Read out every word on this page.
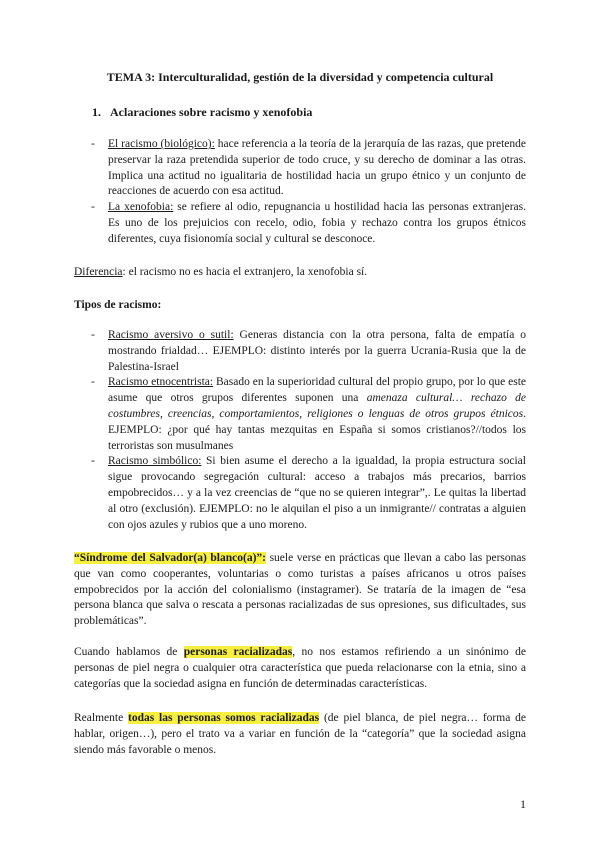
TEMA 3: Interculturalidad, gestión de la diversidad y competencia cultural
1. Aclaraciones sobre racismo y xenofobia
- El racismo (biológico): hace referencia a la teoría de la jerarquía de las razas, que pretende preservar la raza pretendida superior de todo cruce, y su derecho de dominar a las otras. Implica una actitud no igualitaria de hostilidad hacia un grupo étnico y un conjunto de reacciones de acuerdo con esa actitud.
- La xenofobia: se refiere al odio, repugnancia u hostilidad hacia las personas extranjeras. Es uno de los prejuicios con recelo, odio, fobia y rechazo contra los grupos étnicos diferentes, cuya fisionomía social y cultural se desconoce.
Diferencia: el racismo no es hacia el extranjero, la xenofobia sí.
Tipos de racismo:
- Racismo aversivo o sutil: Generas distancia con la otra persona, falta de empatía o mostrando frialdad… EJEMPLO: distinto interés por la guerra Ucrania-Rusia que la de Palestina-Israel
- Racismo etnocentrista: Basado en la superioridad cultural del propio grupo, por lo que este asume que otros grupos diferentes suponen una amenaza cultural… rechazo de costumbres, creencias, comportamientos, religiones o lenguas de otros grupos étnicos. EJEMPLO: ¿por qué hay tantas mezquitas en España si somos cristianos?//todos los terroristas son musulmanes
- Racismo simbólico: Si bien asume el derecho a la igualdad, la propia estructura social sigue provocando segregación cultural: acceso a trabajos más precarios, barrios empobrecidos… y a la vez creencias de “que no se quieren integrar”,. Le quitas la libertad al otro (exclusión). EJEMPLO: no le alquilan el piso a un inmigrante// contratas a alguien con ojos azules y rubios que a uno moreno.
“Síndrome del Salvador(a) blanco(a)”: suele verse en prácticas que llevan a cabo las personas que van como cooperantes, voluntarias o como turistas a países africanos u otros países empobrecidos por la acción del colonialismo (instagramer). Se trataría de la imagen de “esa persona blanca que salva o rescata a personas racializadas de sus opresiones, sus dificultades, sus problemáticas”.
Cuando hablamos de personas racializadas, no nos estamos refiriendo a un sinónimo de personas de piel negra o cualquier otra característica que pueda relacionarse con la etnia, sino a categorías que la sociedad asigna en función de determinadas características.
Realmente todas las personas somos racializadas (de piel blanca, de piel negra… forma de hablar, origen…), pero el trato va a variar en función de la “categoría” que la sociedad asigna siendo más favorable o menos.
1
